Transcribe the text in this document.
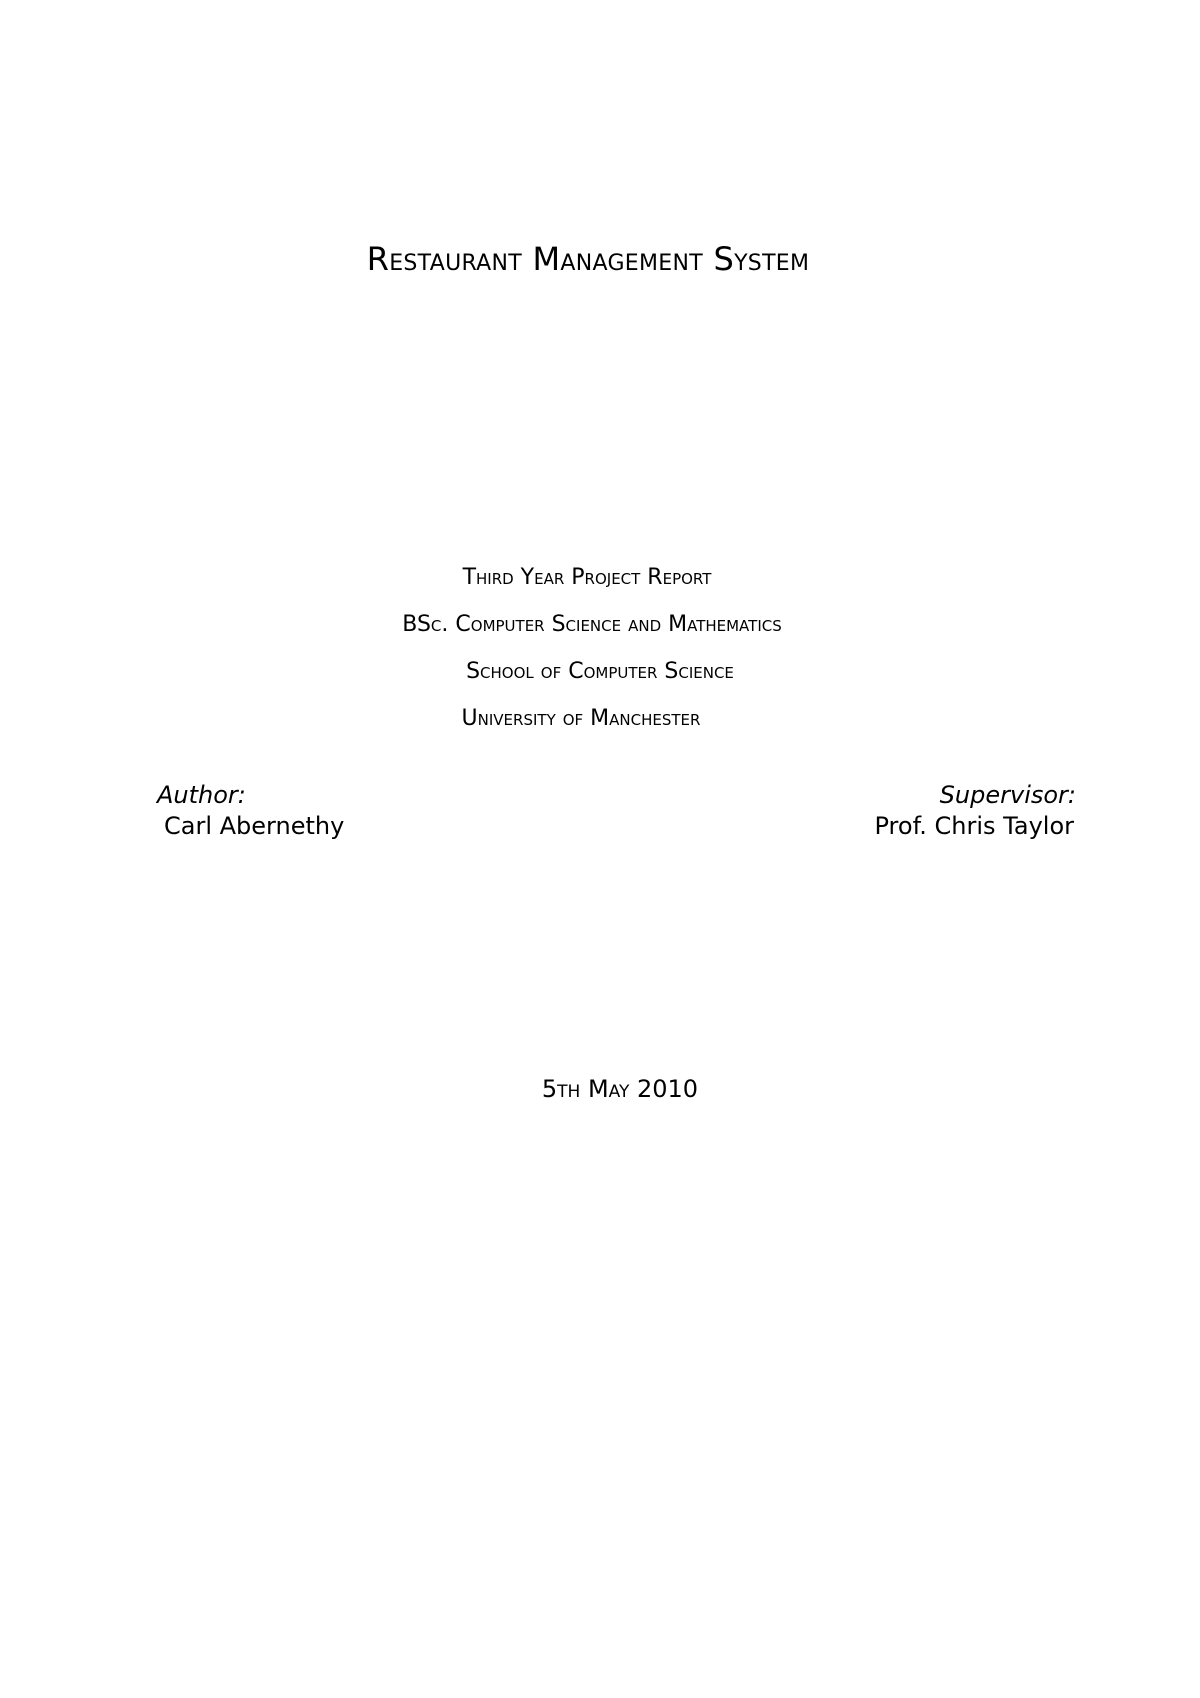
Restaurant Management System
Third Year Project Report
BSc. Computer Science and Mathematics
School of Computer Science
University of Manchester
Author:
Carl Abernethy
Supervisor:
Prof. Chris Taylor
5th May 2010
